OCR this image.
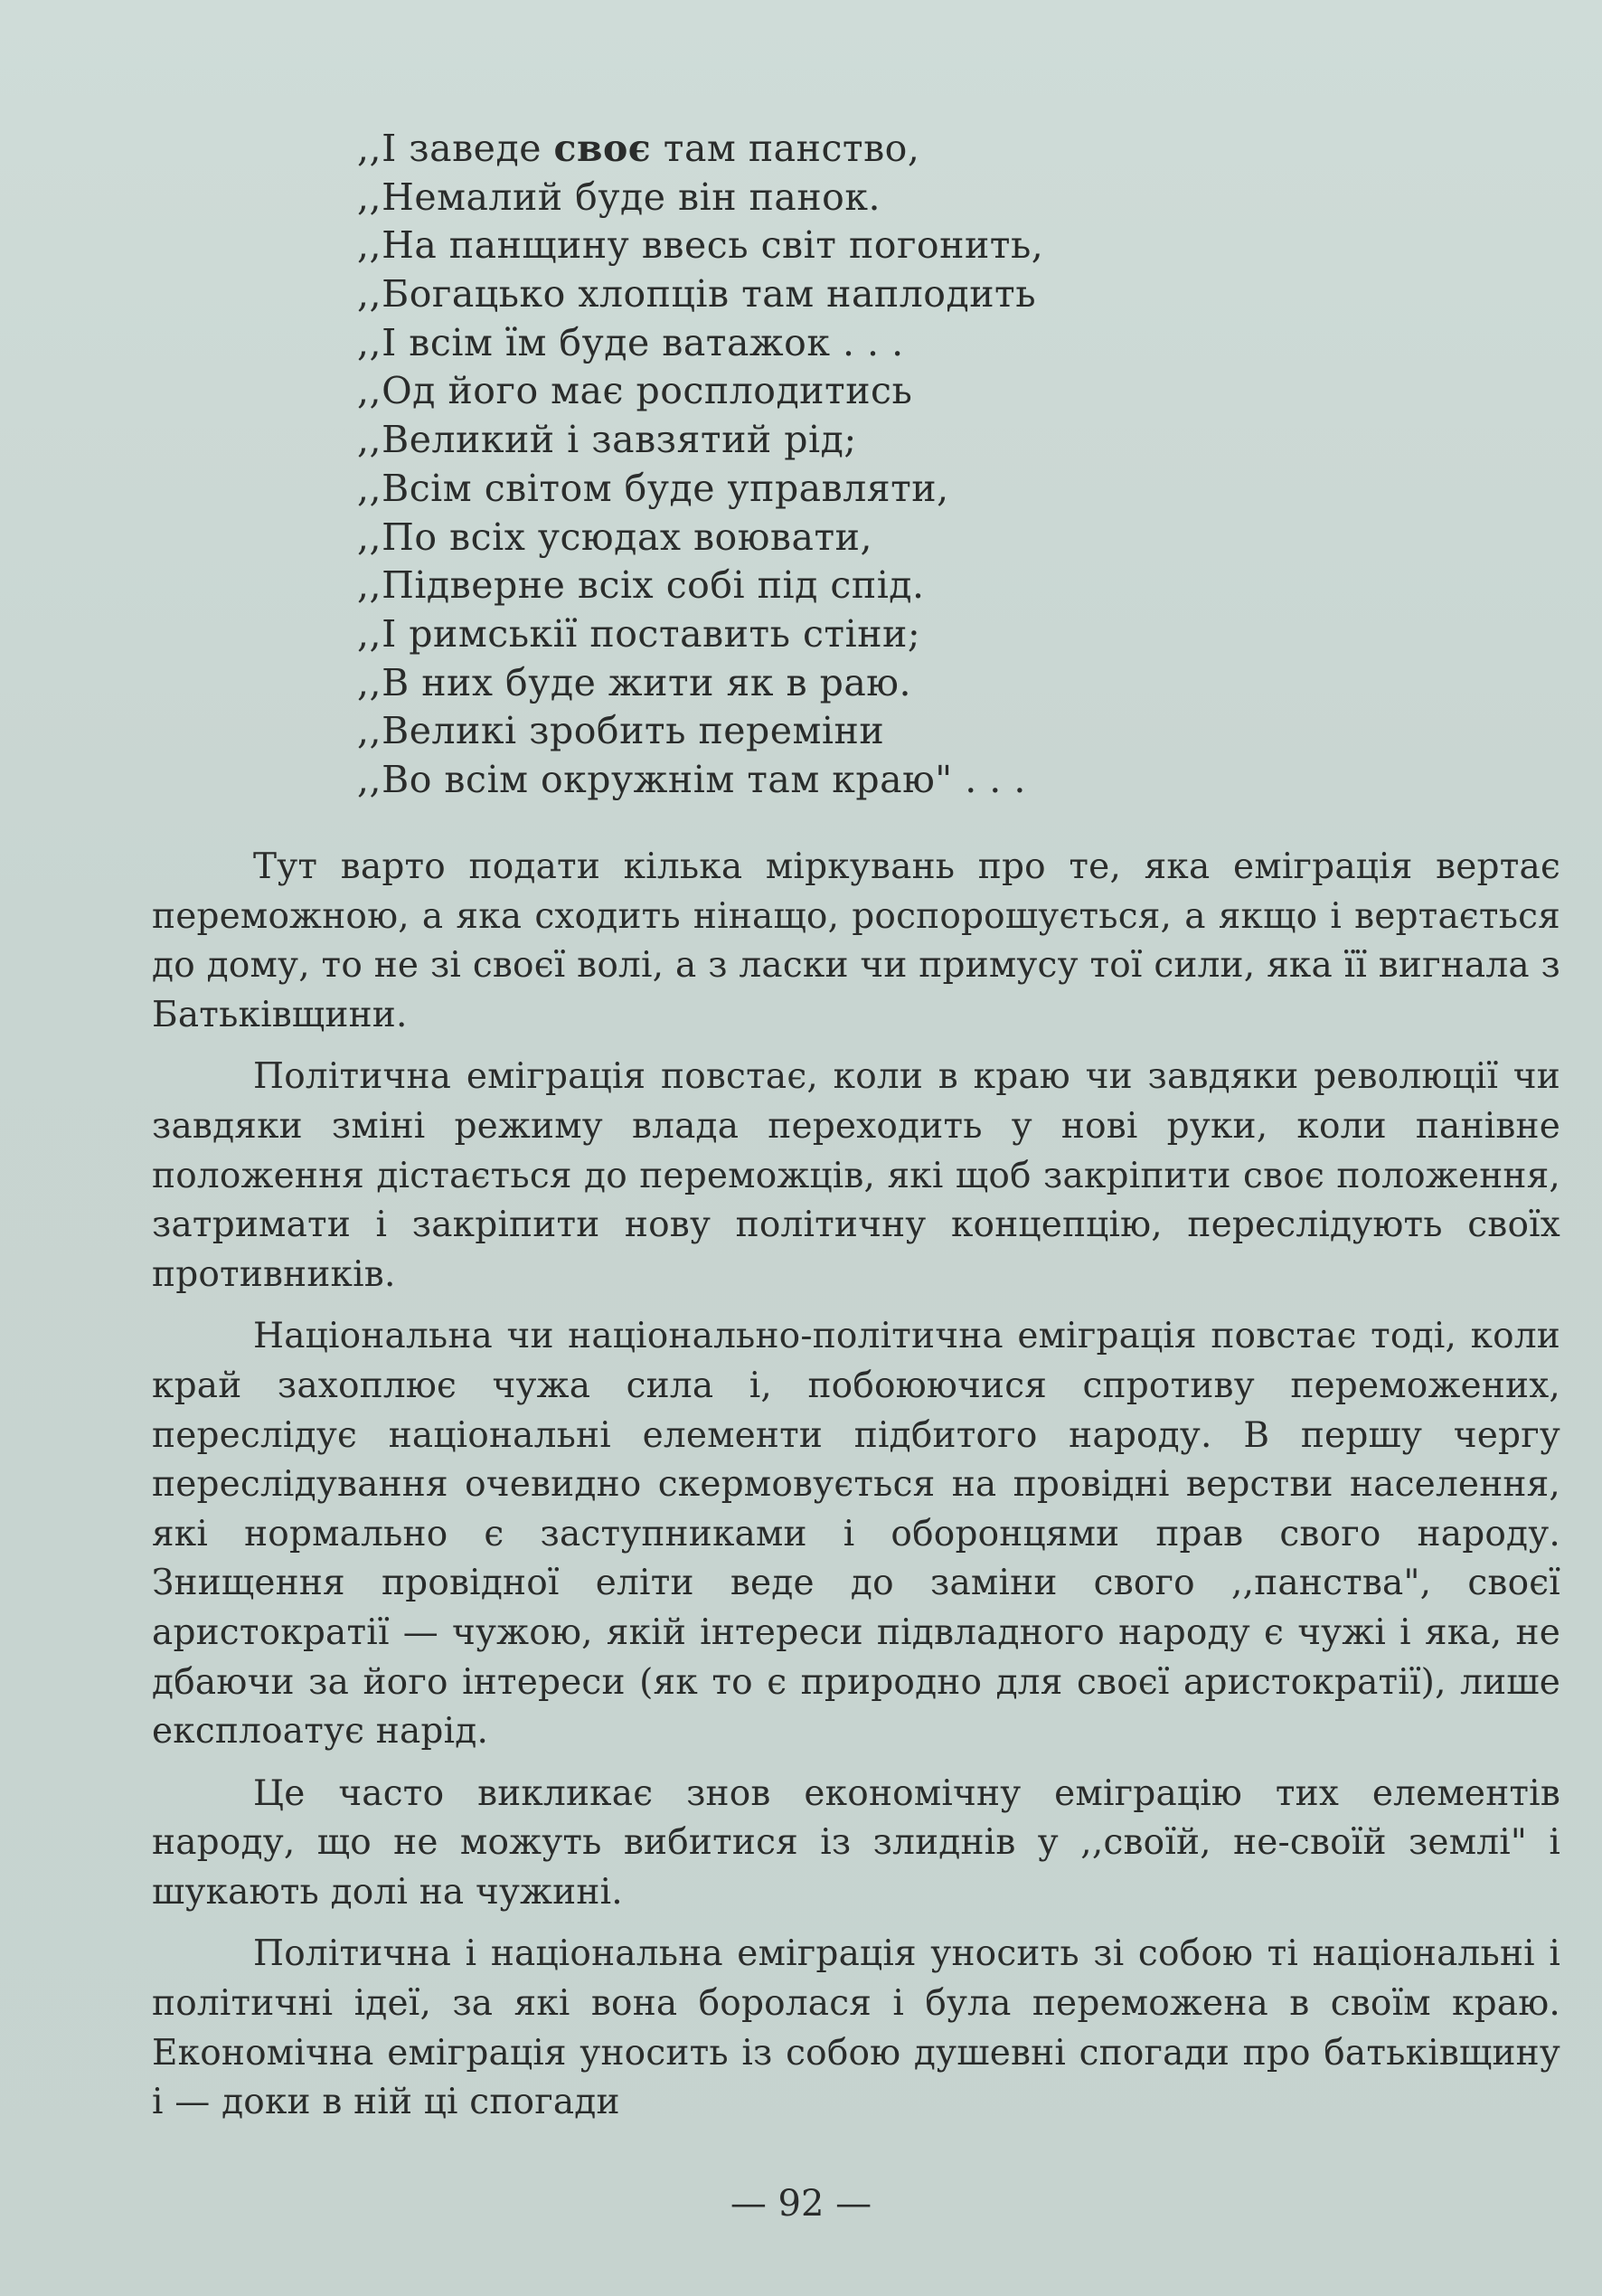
,,І заведе своє там панство,
,,Немалий буде він панок.
,,На панщину ввесь світ погонить,
,,Богацько хлопців там наплодить
,,І всім їм буде ватажок . . .
,,Од його має росплодитись
,,Великий і завзятий рід;
,,Всім світом буде управляти,
,,По всіх усюдах воювати,
,,Підверне всіх собі під спід.
,,І римськії поставить стіни;
,,В них буде жити як в раю.
,,Великі зробить переміни
,,Во всім окружнім там краю" . . .

Тут варто подати кілька міркувань про те, яка еміграція вертає переможною, а яка сходить нінащо, роспорошується, а якщо і вертається до дому, то не зі своєї волі, а з ласки чи примусу тої сили, яка її вигнала з Батьківщини.

Політична еміграція повстає, коли в краю чи завдяки революції чи завдяки зміні режиму влада переходить у нові руки, коли панівне положення дістається до переможців, які щоб закріпити своє положення, затримати і закріпити нову політичну концепцію, переслідують своїх противників.

Національна чи національно-політична еміграція повстає тоді, коли край захоплює чужа сила і, побоюючися спротиву переможених, переслідує національні елементи підбитого народу. В першу чергу переслідування очевидно скермовується на провідні верстви населення, які нормально є заступниками і оборонцями прав свого народу. Знищення провідної еліти веде до заміни свого ,,панства", своєї аристократії — чужою, якій інтереси підвладного народу є чужі і яка, не дбаючи за його інтереси (як то є природно для своєї аристократії), лише експлоатує нарід.

Це часто викликає знов економічну еміграцію тих елементів народу, що не можуть вибитися із злиднів у ,,своїй, не-своїй землі" і шукають долі на чужині.

Політична і національна еміграція уносить зі собою ті національні і політичні ідеї, за які вона боролася і була переможена в своїм краю. Економічна еміграція уносить із собою душевні спогади про батьківщину і — доки в ній ці спогади

— 92 —
